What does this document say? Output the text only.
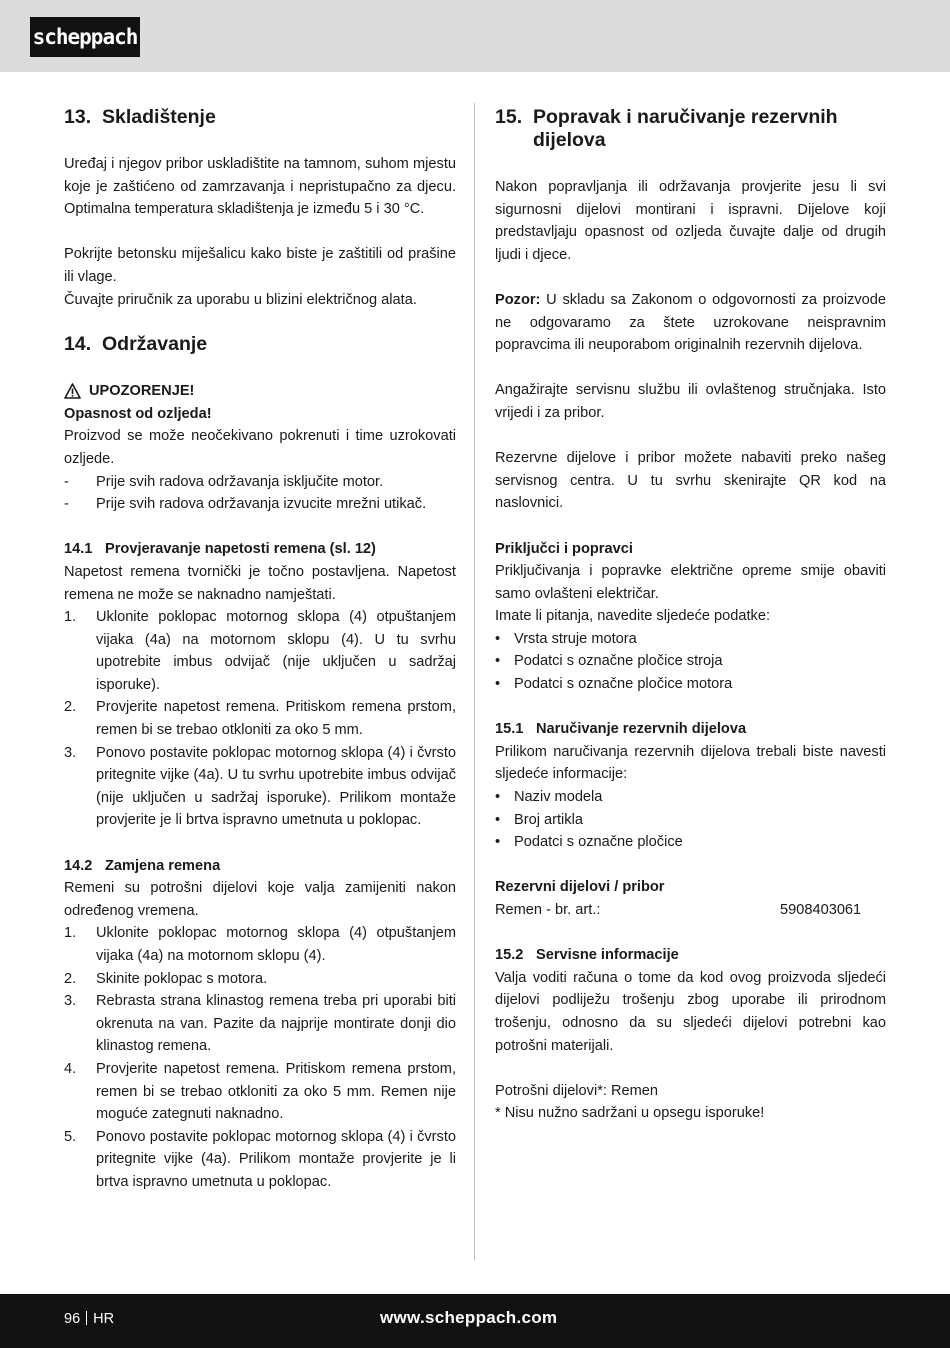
scheppach
13. Skladištenje

Uređaj i njegov pribor uskladištite na tamnom, suhom mjestu koje je zaštićeno od zamrzavanja i nepristupačno za djecu. Optimalna temperatura skladištenja je između 5 i 30 °C.

Pokrijte betonsku miješalicu kako biste je zaštitili od prašine ili vlage.

Čuvajte priručnik za uporabu u blizini električnog alata.

14. Održavanje
UPOZORENJE!

Opasnost od ozljeda!

Proizvod se može neočekivano pokrenuti i time uzrokovati ozljede.

-	Prije svih radova održavanja isključite motor.
-	Prije svih radova održavanja izvucite mrežni utikač.
14.1 Provjeravanje napetosti remena (sl. 12)

Napetost remena tvornički je točno postavljena. Napetost remena ne može se naknadno namještati.

1.	Uklonite poklopac motornog sklopa (4) otpuštanjem vijaka (4a) na motornom sklopu (4). U tu svrhu upotrebite imbus odvijač (nije uključen u sadržaj isporuke).
2.	Provjerite napetost remena. Pritiskom remena prstom, remen bi se trebao otkloniti za oko 5 mm.
3.	Ponovo postavite poklopac motornog sklopa (4) i čvrsto pritegnite vijke (4a). U tu svrhu upotrebite imbus odvijač (nije uključen u sadržaj isporuke). Prilikom montaže provjerite je li brtva ispravno umetnuta u poklopac.
14.2 Zamjena remena

Remeni su potrošni dijelovi koje valja zamijeniti nakon određenog vremena.

1.	Uklonite poklopac motornog sklopa (4) otpuštanjem vijaka (4a) na motornom sklopu (4).
2.	Skinite poklopac s motora.
3.	Rebrasta strana klinastog remena treba pri uporabi biti okrenuta na van. Pazite da najprije montirate donji dio klinastog remena.
4.	Provjerite napetost remena. Pritiskom remena prstom, remen bi se trebao otkloniti za oko 5 mm. Remen nije moguće zategnuti naknadno.
5.	Ponovo postavite poklopac motornog sklopa (4) i čvrsto pritegnite vijke (4a). Prilikom montaže provjerite je li brtva ispravno umetnuta u poklopac.
15. Popravak i naručivanje rezervnih dijelova

Nakon popravljanja ili održavanja provjerite jesu li svi sigurnosni dijelovi montirani i ispravni. Dijelove koji predstavljaju opasnost od ozljeda čuvajte dalje od drugih ljudi i djece.

Pozor: U skladu sa Zakonom o odgovornosti za proizvode ne odgovaramo za štete uzrokovane neispravnim popravcima ili neuporabom originalnih rezervnih dijelova.

Angažirajte servisnu službu ili ovlaštenog stručnjaka. Isto vrijedi i za pribor.

Rezervne dijelove i pribor možete nabaviti preko našeg servisnog centra. U tu svrhu skenirajte QR kod na naslovnici.

Priključci i popravci

Priključivanja i popravke električne opreme smije obaviti samo ovlašteni električar.

Imate li pitanja, navedite sljedeće podatke:

• Vrsta struje motora
• Podatci s označne pločice stroja
• Podatci s označne pločice motora
15.1 Naručivanje rezervnih dijelova

Prilikom naručivanja rezervnih dijelova trebali biste navesti sljedeće informacije:

• Naziv modela
• Broj artikla
• Podatci s označne pločice

Rezervni dijelovi / pribor

Remen - br. art.:	5908403061
15.2 Servisne informacije

Valja voditi računa o tome da kod ovog proizvoda sljedeći dijelovi podliježu trošenju zbog uporabe ili prirodnom trošenju, odnosno da su sljedeći dijelovi potrebni kao potrošni materijali.

Potrošni dijelovi*: Remen

* Nisu nužno sadržani u opsegu isporuke!

96 HR	www.scheppach.com
